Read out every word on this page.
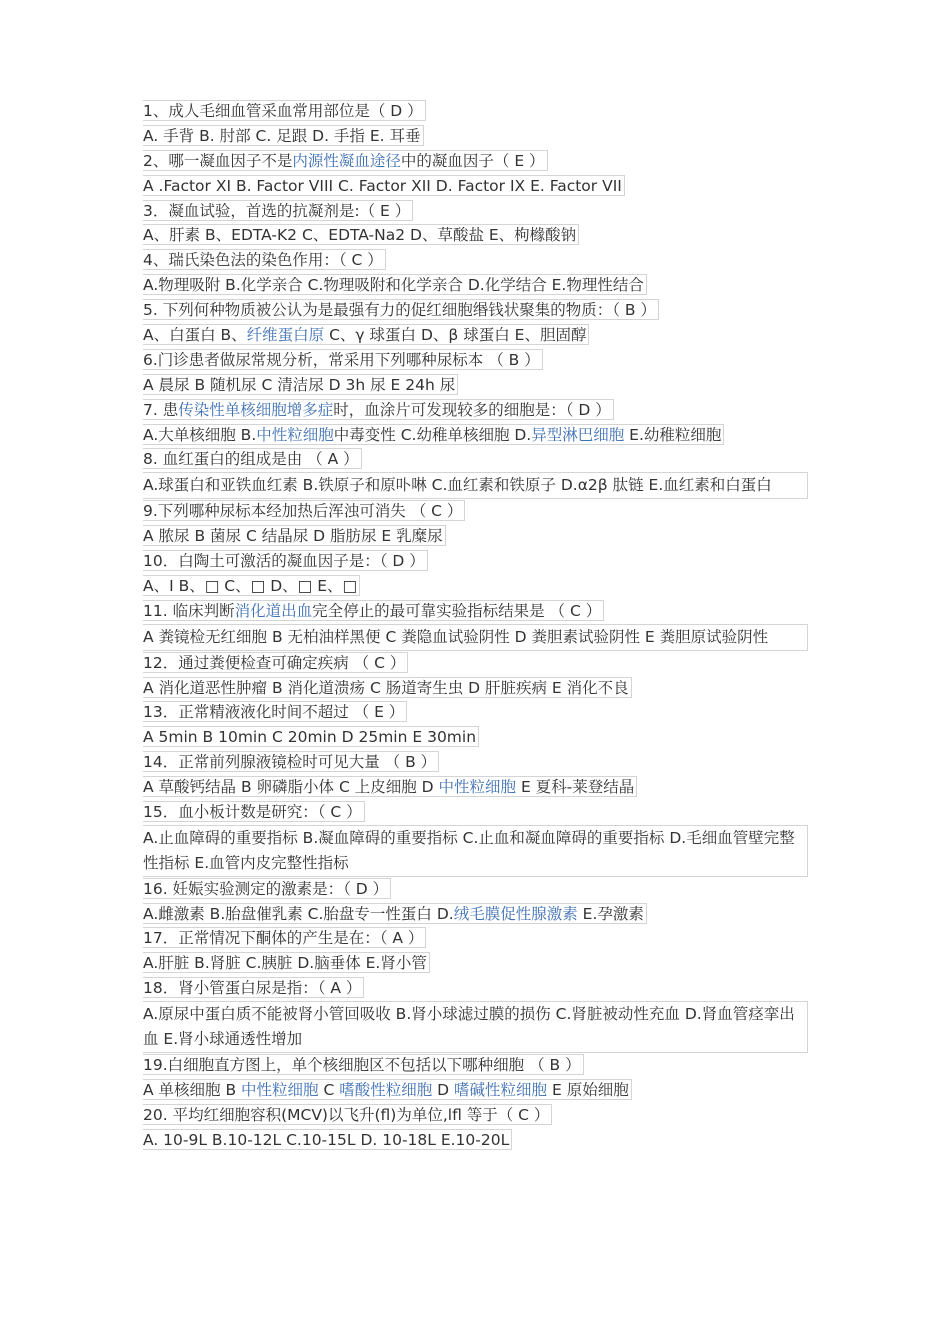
1、成人毛细血管采血常用部位是（ D ）
A. 手背 B. 肘部 C. 足跟 D. 手指 E. 耳垂
2、哪一凝血因子不是内源性凝血途径中的凝血因子（ E ）
A .Factor XI B. Factor VIII C. Factor XII D. Factor IX E. Factor VII
3．凝血试验，首选的抗凝剂是:（ E ）
A、肝素 B、EDTA-K2 C、EDTA-Na2 D、草酸盐 E、枸橼酸钠
4、瑞氏染色法的染色作用：（ C ）
A.物理吸附 B.化学亲合 C.物理吸附和化学亲合 D.化学结合 E.物理性结合
5. 下列何种物质被公认为是最强有力的促红细胞缗钱状聚集的物质：（ B ）
A、白蛋白 B、纤维蛋白原 C、γ 球蛋白 D、β 球蛋白 E、胆固醇
6.门诊患者做尿常规分析，常采用下列哪种尿标本 （ B ）
A 晨尿 B 随机尿 C 清洁尿 D 3h 尿 E 24h 尿
7. 患传染性单核细胞增多症时，血涂片可发现较多的细胞是：（ D ）
A.大单核细胞 B.中性粒细胞中毒变性 C.幼稚单核细胞 D.异型淋巴细胞 E.幼稚粒细胞
8. 血红蛋白的组成是由 （ A ）
A.球蛋白和亚铁血红素 B.铁原子和原卟啉 C.血红素和铁原子 D.α2β 肽链 E.血红素和白蛋白
9.下列哪种尿标本经加热后浑浊可消失 （ C ）
A 脓尿 B 菌尿 C 结晶尿 D 脂肪尿 E 乳糜尿
10．白陶土可激活的凝血因子是：（ D ）
A、I B、□ C、□ D、□ E、□
11. 临床判断消化道出血完全停止的最可靠实验指标结果是 （ C ）
A 粪镜检无红细胞 B 无柏油样黑便 C 粪隐血试验阴性 D 粪胆素试验阴性 E 粪胆原试验阴性
12．通过粪便检查可确定疾病 （ C ）
A 消化道恶性肿瘤 B 消化道溃疡 C 肠道寄生虫 D 肝脏疾病 E 消化不良
13．正常精液液化时间不超过 （ E ）
A 5min B 10min C 20min D 25min E 30min
14．正常前列腺液镜检时可见大量 （ B ）
A 草酸钙结晶 B 卵磷脂小体 C 上皮细胞 D 中性粒细胞 E 夏科-莱登结晶
15．血小板计数是研究：（ C ）
A.止血障碍的重要指标 B.凝血障碍的重要指标 C.止血和凝血障碍的重要指标 D.毛细血管壁完整性指标 E.血管内皮完整性指标
16. 妊娠实验测定的激素是：（ D ）
A.雌激素 B.胎盘催乳素 C.胎盘专一性蛋白 D.绒毛膜促性腺激素 E.孕激素
17．正常情况下酮体的产生是在：（ A ）
A.肝脏 B.肾脏 C.胰脏 D.脑垂体 E.肾小管
18．肾小管蛋白尿是指：（ A ）
A.原尿中蛋白质不能被肾小管回吸收 B.肾小球滤过膜的损伤 C.肾脏被动性充血 D.肾血管痉挛出血 E.肾小球通透性增加
19.白细胞直方图上，单个核细胞区不包括以下哪种细胞 （ B ）
A 单核细胞 B 中性粒细胞 C 嗜酸性粒细胞 D 嗜碱性粒细胞 E 原始细胞
20. 平均红细胞容积(MCV)以飞升(fl)为单位,lfl 等于（ C ）
A. 10-9L B.10-12L C.10-15L D. 10-18L E.10-20L
